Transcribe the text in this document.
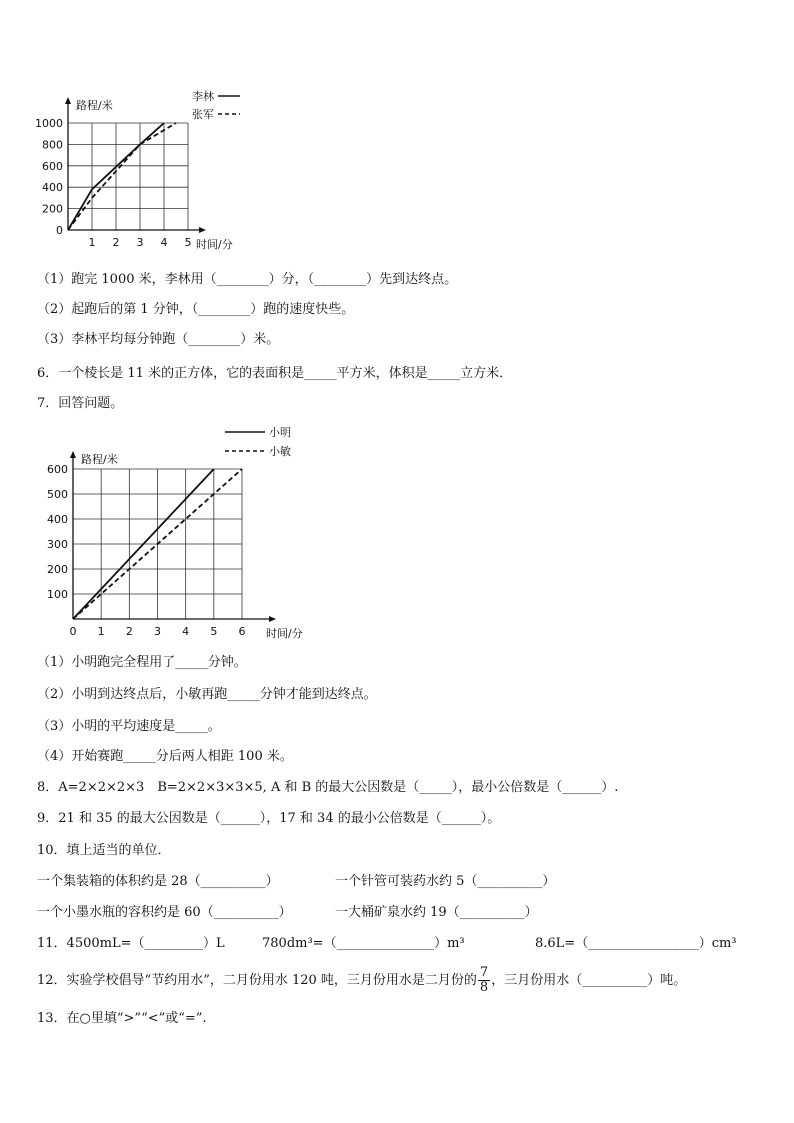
0
200
400
600
800
1000
1 2 3 4 5
路程/米
时间/分
李林
张军
（1）跑完 1000 米，李林用（________）分，（________）先到达终点。
（2）起跑后的第 1 分钟，（________）跑的速度快些。
（3）李林平均每分钟跑（________）米。
6．一个棱长是 11 米的正方体，它的表面积是_____平方米，体积是_____立方米．
7．回答问题。
100
200
300
400
500
600
0 1 2 3 4 5 6
路程/米
时间/分
小明
小敏
（1）小明跑完全程用了_____分钟。
（2）小明到达终点后，小敏再跑_____分钟才能到达终点。
（3）小明的平均速度是_____。
（4）开始赛跑_____分后两人相距 100 米。
8．A=2×2×2×3　B=2×2×3×3×5, A 和 B 的最大公因数是（_____），最小公倍数是（______）.
9．21 和 35 的最大公因数是（______），17 和 34 的最小公倍数是（______）。
10．填上适当的单位．
一个集装箱的体积约是 28（__________）	一个针管可装药水约 5（__________）
一个小墨水瓶的容积约是 60（__________）	一大桶矿泉水约 19（__________）
11．4500mL=（_________）L	780dm³=（_______________）m³	8.6L=（_________________）cm³
12．实验学校倡导“节约用水”，二月份用水 120 吨，三月份用水是二月份的 $\frac{7}{8}$ ，三月份用水（__________）吨。
13．在○里填“>”“<”或“=”.
